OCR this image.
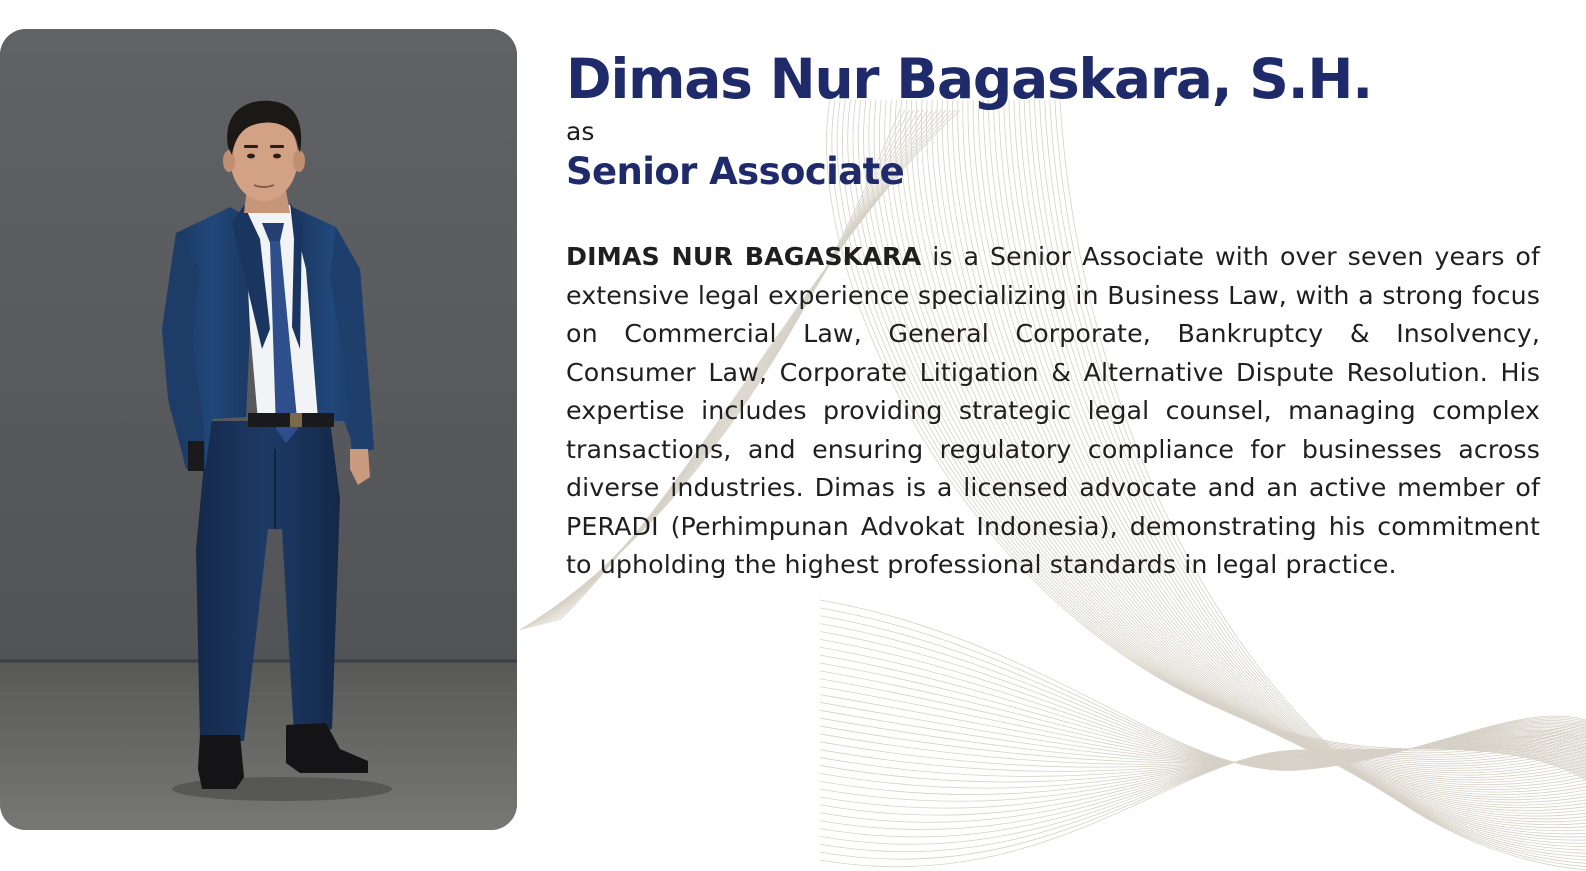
Dimas Nur Bagaskara, S.H.
as
Senior Associate

DIMAS NUR BAGASKARA is a Senior Associate with over seven years of extensive legal experience specializing in Business Law, with a strong focus on Commercial Law, General Corporate, Bankruptcy & Insolvency, Consumer Law, Corporate Litigation & Alternative Dispute Resolution. His expertise includes providing strategic legal counsel, managing complex transactions, and ensuring regulatory compliance for businesses across diverse industries. Dimas is a licensed advocate and an active member of PERADI (Perhimpunan Advokat Indonesia), demonstrating his commitment to upholding the highest professional standards in legal practice.
